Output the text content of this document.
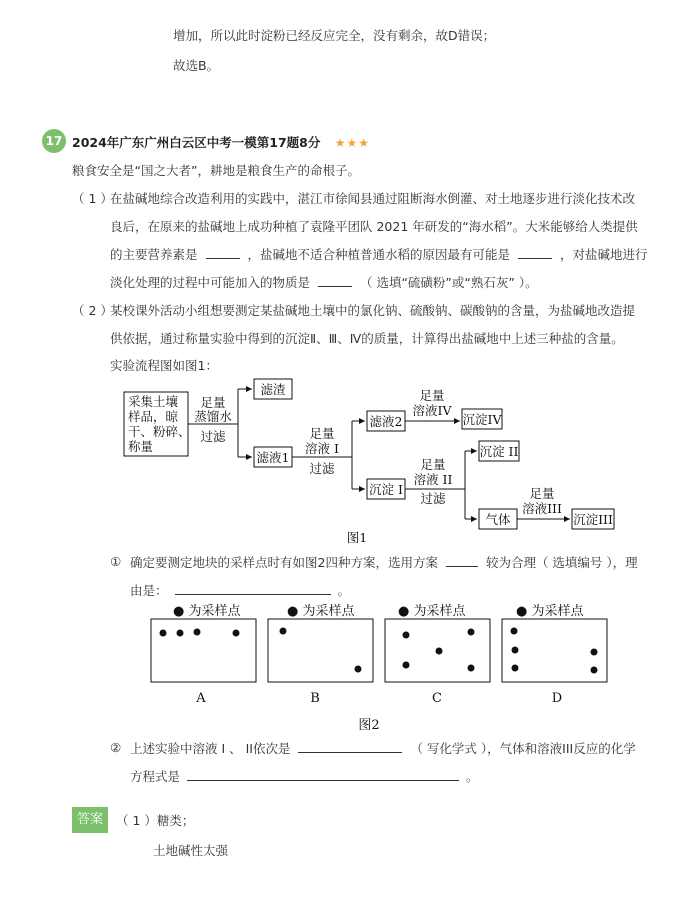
增加，所以此时淀粉已经反应完全，没有剩余，故D错误；
故选B。
17 2024年广东广州白云区中考一模第17题8分 ★★★
粮食安全是“国之大者”，耕地是粮食生产的命根子。
（ 1 ）
在盐碱地综合改造利用的实践中，湛江市徐闻县通过阻断海水倒灌、对土地逐步进行淡化技术改
良后，在原来的盐碱地上成功种植了袁隆平团队 2021 年研发的“海水稻”。大米能够给人类提供
的主要营养素是	，盐碱地不适合种植普通水稻的原因最有可能是	，对盐碱地进行
淡化处理的过程中可能加入的物质是	（ 选填“硫磺粉”或“熟石灰” ）。
（ 2 ）
某校课外活动小组想要测定某盐碱地土壤中的氯化钠、硫酸钠、碳酸钠的含量，为盐碱地改造提
供依据，通过称量实验中得到的沉淀Ⅱ、Ⅲ、Ⅳ的质量，计算得出盐碱地中上述三种盐的含量。
实验流程图如图1：
采集土壤
样品，晾
干、粉碎、
称量
足量
蒸馏水
过滤
滤渣
滤液1
足量
溶液 I
过滤
滤液2
沉淀 I
足量
溶液IV
沉淀IV
足量
溶液 II
过滤
沉淀 II
气体
足量
溶液III
沉淀III
图1
① 确定要测定地块的采样点时有如图2四种方案，选用方案	较为合理（ 选填编号 ），理
由是：	。
● 为采样点	● 为采样点	● 为采样点	● 为采样点
A	B	C	D
图2
② 上述实验中溶液 I 、 II依次是	（ 写化学式 ），气体和溶液III反应的化学
方程式是	。
答案	（ 1 ）糖类；
土地碱性太强
